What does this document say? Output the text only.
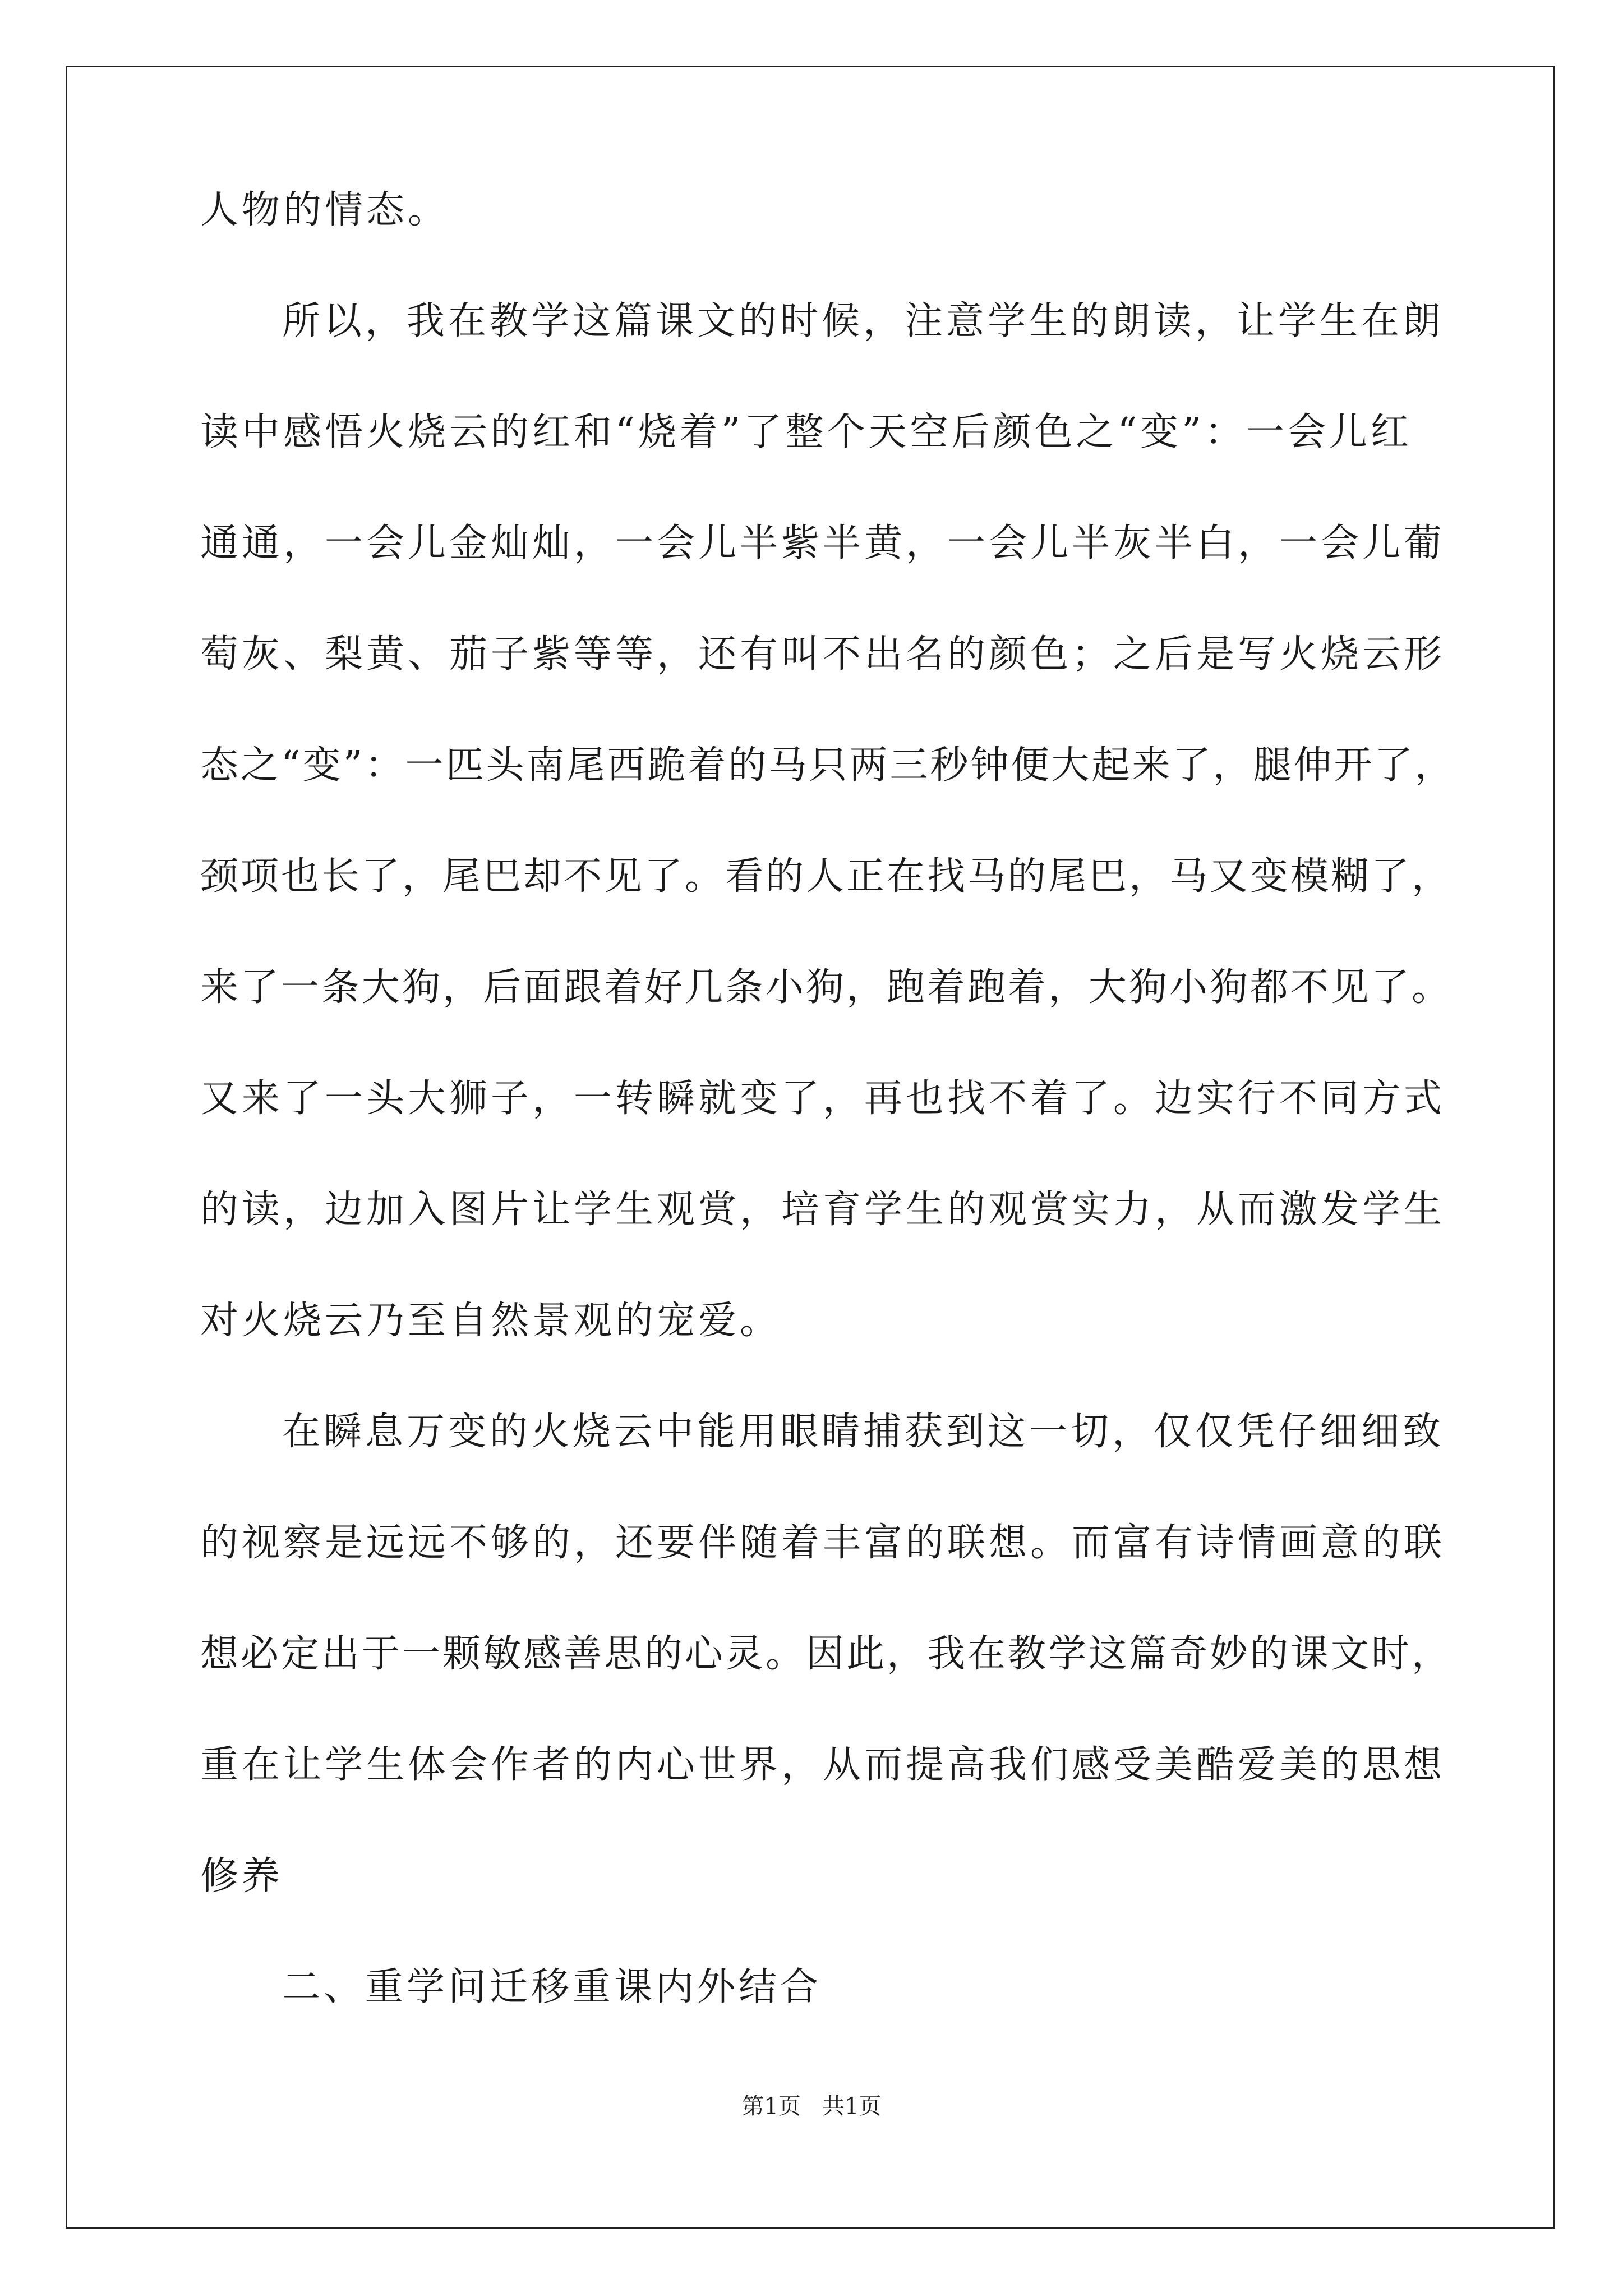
人物的情态。
所以，我在教学这篇课文的时候，注意学生的朗读，让学生在朗
读中感悟火烧云的红和“烧着”了整个天空后颜色之“变”：一会儿红
通通，一会儿金灿灿，一会儿半紫半黄，一会儿半灰半白，一会儿葡
萄灰、梨黄、茄子紫等等，还有叫不出名的颜色；之后是写火烧云形
态之“变”：一匹头南尾西跪着的马只两三秒钟便大起来了，腿伸开了，
颈项也长了，尾巴却不见了。看的人正在找马的尾巴，马又变模糊了，
来了一条大狗，后面跟着好几条小狗，跑着跑着，大狗小狗都不见了。
又来了一头大狮子，一转瞬就变了，再也找不着了。边实行不同方式
的读，边加入图片让学生观赏，培育学生的观赏实力，从而激发学生
对火烧云乃至自然景观的宠爱。
在瞬息万变的火烧云中能用眼睛捕获到这一切，仅仅凭仔细细致
的视察是远远不够的，还要伴随着丰富的联想。而富有诗情画意的联
想必定出于一颗敏感善思的心灵。因此，我在教学这篇奇妙的课文时，
重在让学生体会作者的内心世界，从而提高我们感受美酷爱美的思想
修养
二、重学问迁移重课内外结合
第1页   共1页
